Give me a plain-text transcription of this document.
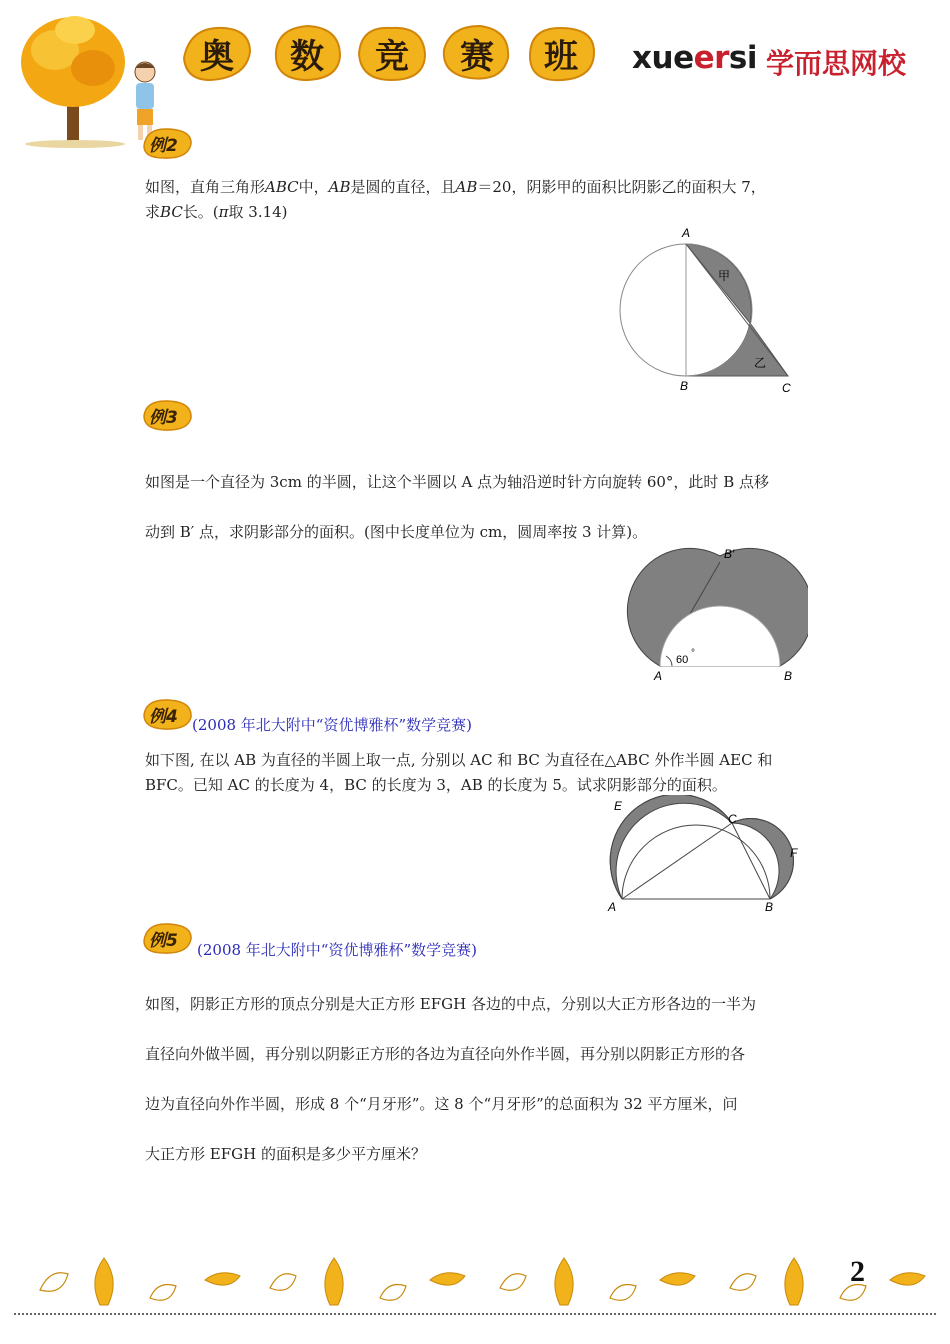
奥 数 竞 赛 班 xueersi 学而思网校
例2
如图，直角三角形ABC中，AB是圆的直径，且AB＝20，阴影甲的面积比阴影乙的面积大 7，
求BC长。(π取 3.14)
A
B	C
甲
乙
例3
如图是一个直径为 3cm 的半圆，让这个半圆以 A 点为轴沿逆时针方向旋转 60°，此时 B 点移
动到 B′ 点，求阴影部分的面积。(图中长度单位为 cm，圆周率按 3 计算)。
A	B
B′
60
°
例4 (2008 年北大附中“资优博雅杯”数学竞赛)
如下图, 在以 AB 为直径的半圆上取一点, 分别以 AC 和 BC 为直径在△ABC 外作半圆 AEC 和
BFC。已知 AC 的长度为 4，BC 的长度为 3，AB 的长度为 5。试求阴影部分的面积。
A	B
C
E
F
例5 (2008 年北大附中“资优博雅杯”数学竞赛)
如图，阴影正方形的顶点分别是大正方形 EFGH 各边的中点，分别以大正方形各边的一半为
直径向外做半圆，再分别以阴影正方形的各边为直径向外作半圆，再分别以阴影正方形的各
边为直径向外作半圆，形成 8 个“月牙形”。这 8 个“月牙形”的总面积为 32 平方厘米，问
大正方形 EFGH 的面积是多少平方厘米？
2
